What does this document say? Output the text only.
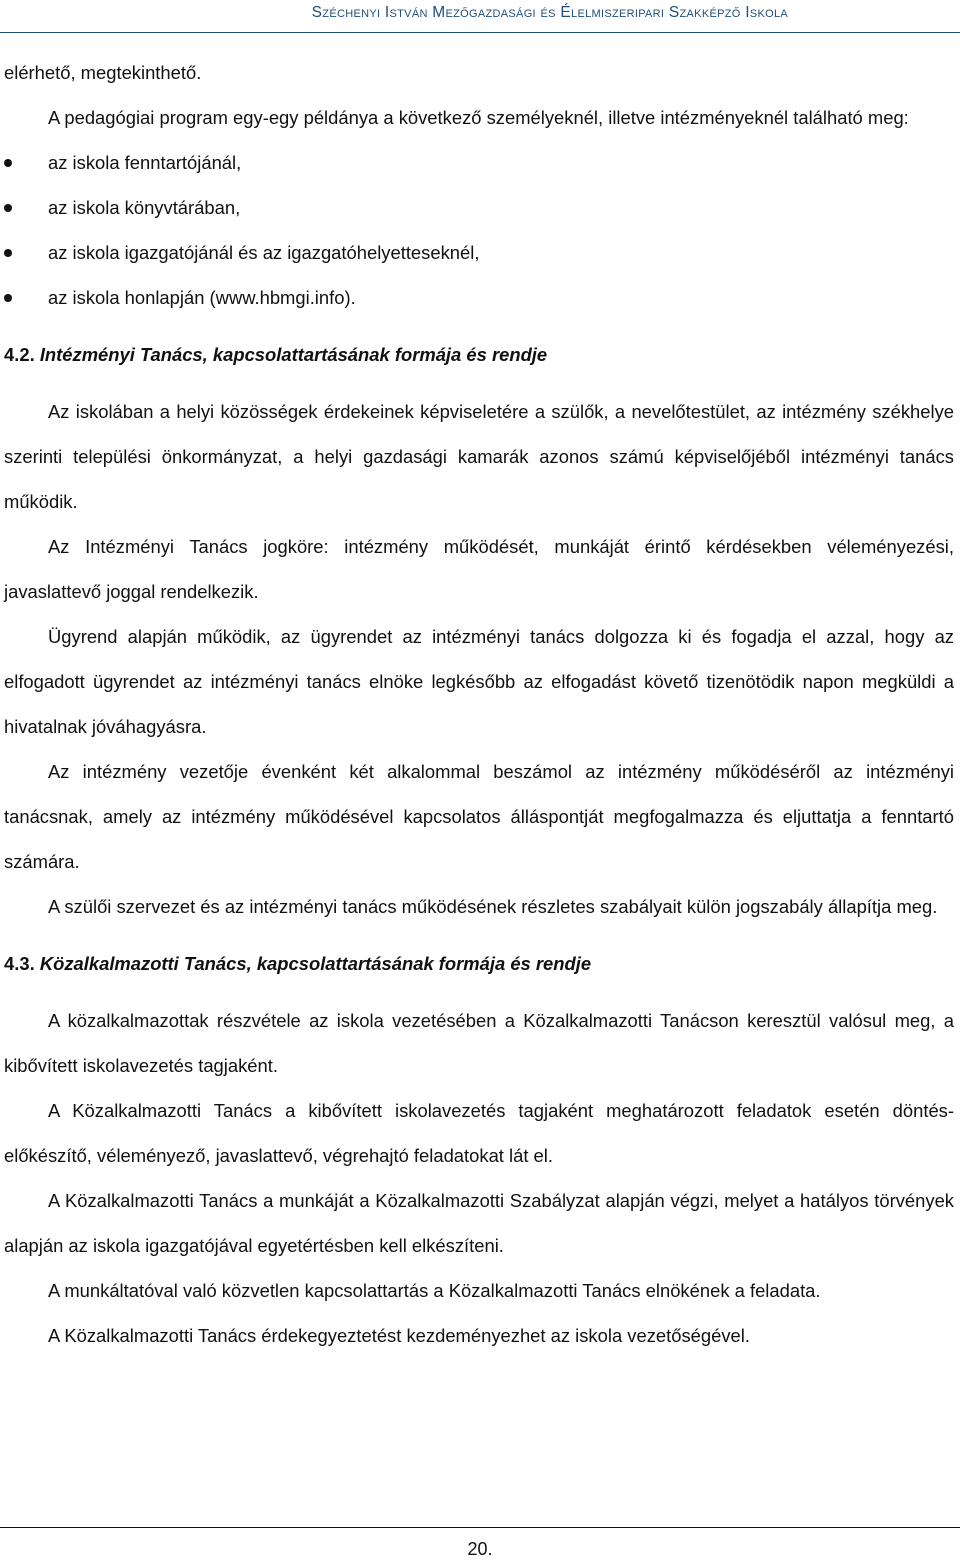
Széchenyi István Mezőgazdasági és Élelmiszeripari Szakképző Iskola

elérhető, megtekinthető.

A pedagógiai program egy-egy példánya a következő személyeknél, illetve intézményeknél található meg:

az iskola fenntartójánál,
az iskola könyvtárában,
az iskola igazgatójánál és az igazgatóhelyetteseknél,
az iskola honlapján (www.hbmgi.info).
4.2. Intézményi Tanács, kapcsolattartásának formája és rendje

Az iskolában a helyi közösségek érdekeinek képviseletére a szülők, a nevelőtestület, az intézmény székhelye szerinti települési önkormányzat, a helyi gazdasági kamarák azonos számú képviselőjéből intézményi tanács működik.

Az Intézményi Tanács jogköre: intézmény működését, munkáját érintő kérdésekben véleményezési, javaslattevő joggal rendelkezik.

Ügyrend alapján működik, az ügyrendet az intézményi tanács dolgozza ki és fogadja el azzal, hogy az elfogadott ügyrendet az intézményi tanács elnöke legkésőbb az elfogadást követő tizenötödik napon megküldi a hivatalnak jóváhagyásra.

Az intézmény vezetője évenként két alkalommal beszámol az intézmény működéséről az intézményi tanácsnak, amely az intézmény működésével kapcsolatos álláspontját megfogalmazza és eljuttatja a fenntartó számára.

A szülői szervezet és az intézményi tanács működésének részletes szabályait külön jogszabály állapítja meg.

4.3. Közalkalmazotti Tanács, kapcsolattartásának formája és rendje

A közalkalmazottak részvétele az iskola vezetésében a Közalkalmazotti Tanácson keresztül valósul meg, a kibővített iskolavezetés tagjaként.

A Közalkalmazotti Tanács a kibővített iskolavezetés tagjaként meghatározott feladatok esetén döntés-előkészítő, véleményező, javaslattevő, végrehajtó feladatokat lát el.

A Közalkalmazotti Tanács a munkáját a Közalkalmazotti Szabályzat alapján végzi, melyet a hatályos törvények alapján az iskola igazgatójával egyetértésben kell elkészíteni.

A munkáltatóval való közvetlen kapcsolattartás a Közalkalmazotti Tanács elnökének a feladata.

A Közalkalmazotti Tanács érdekegyeztetést kezdeményezhet az iskola vezetőségével.

20.
